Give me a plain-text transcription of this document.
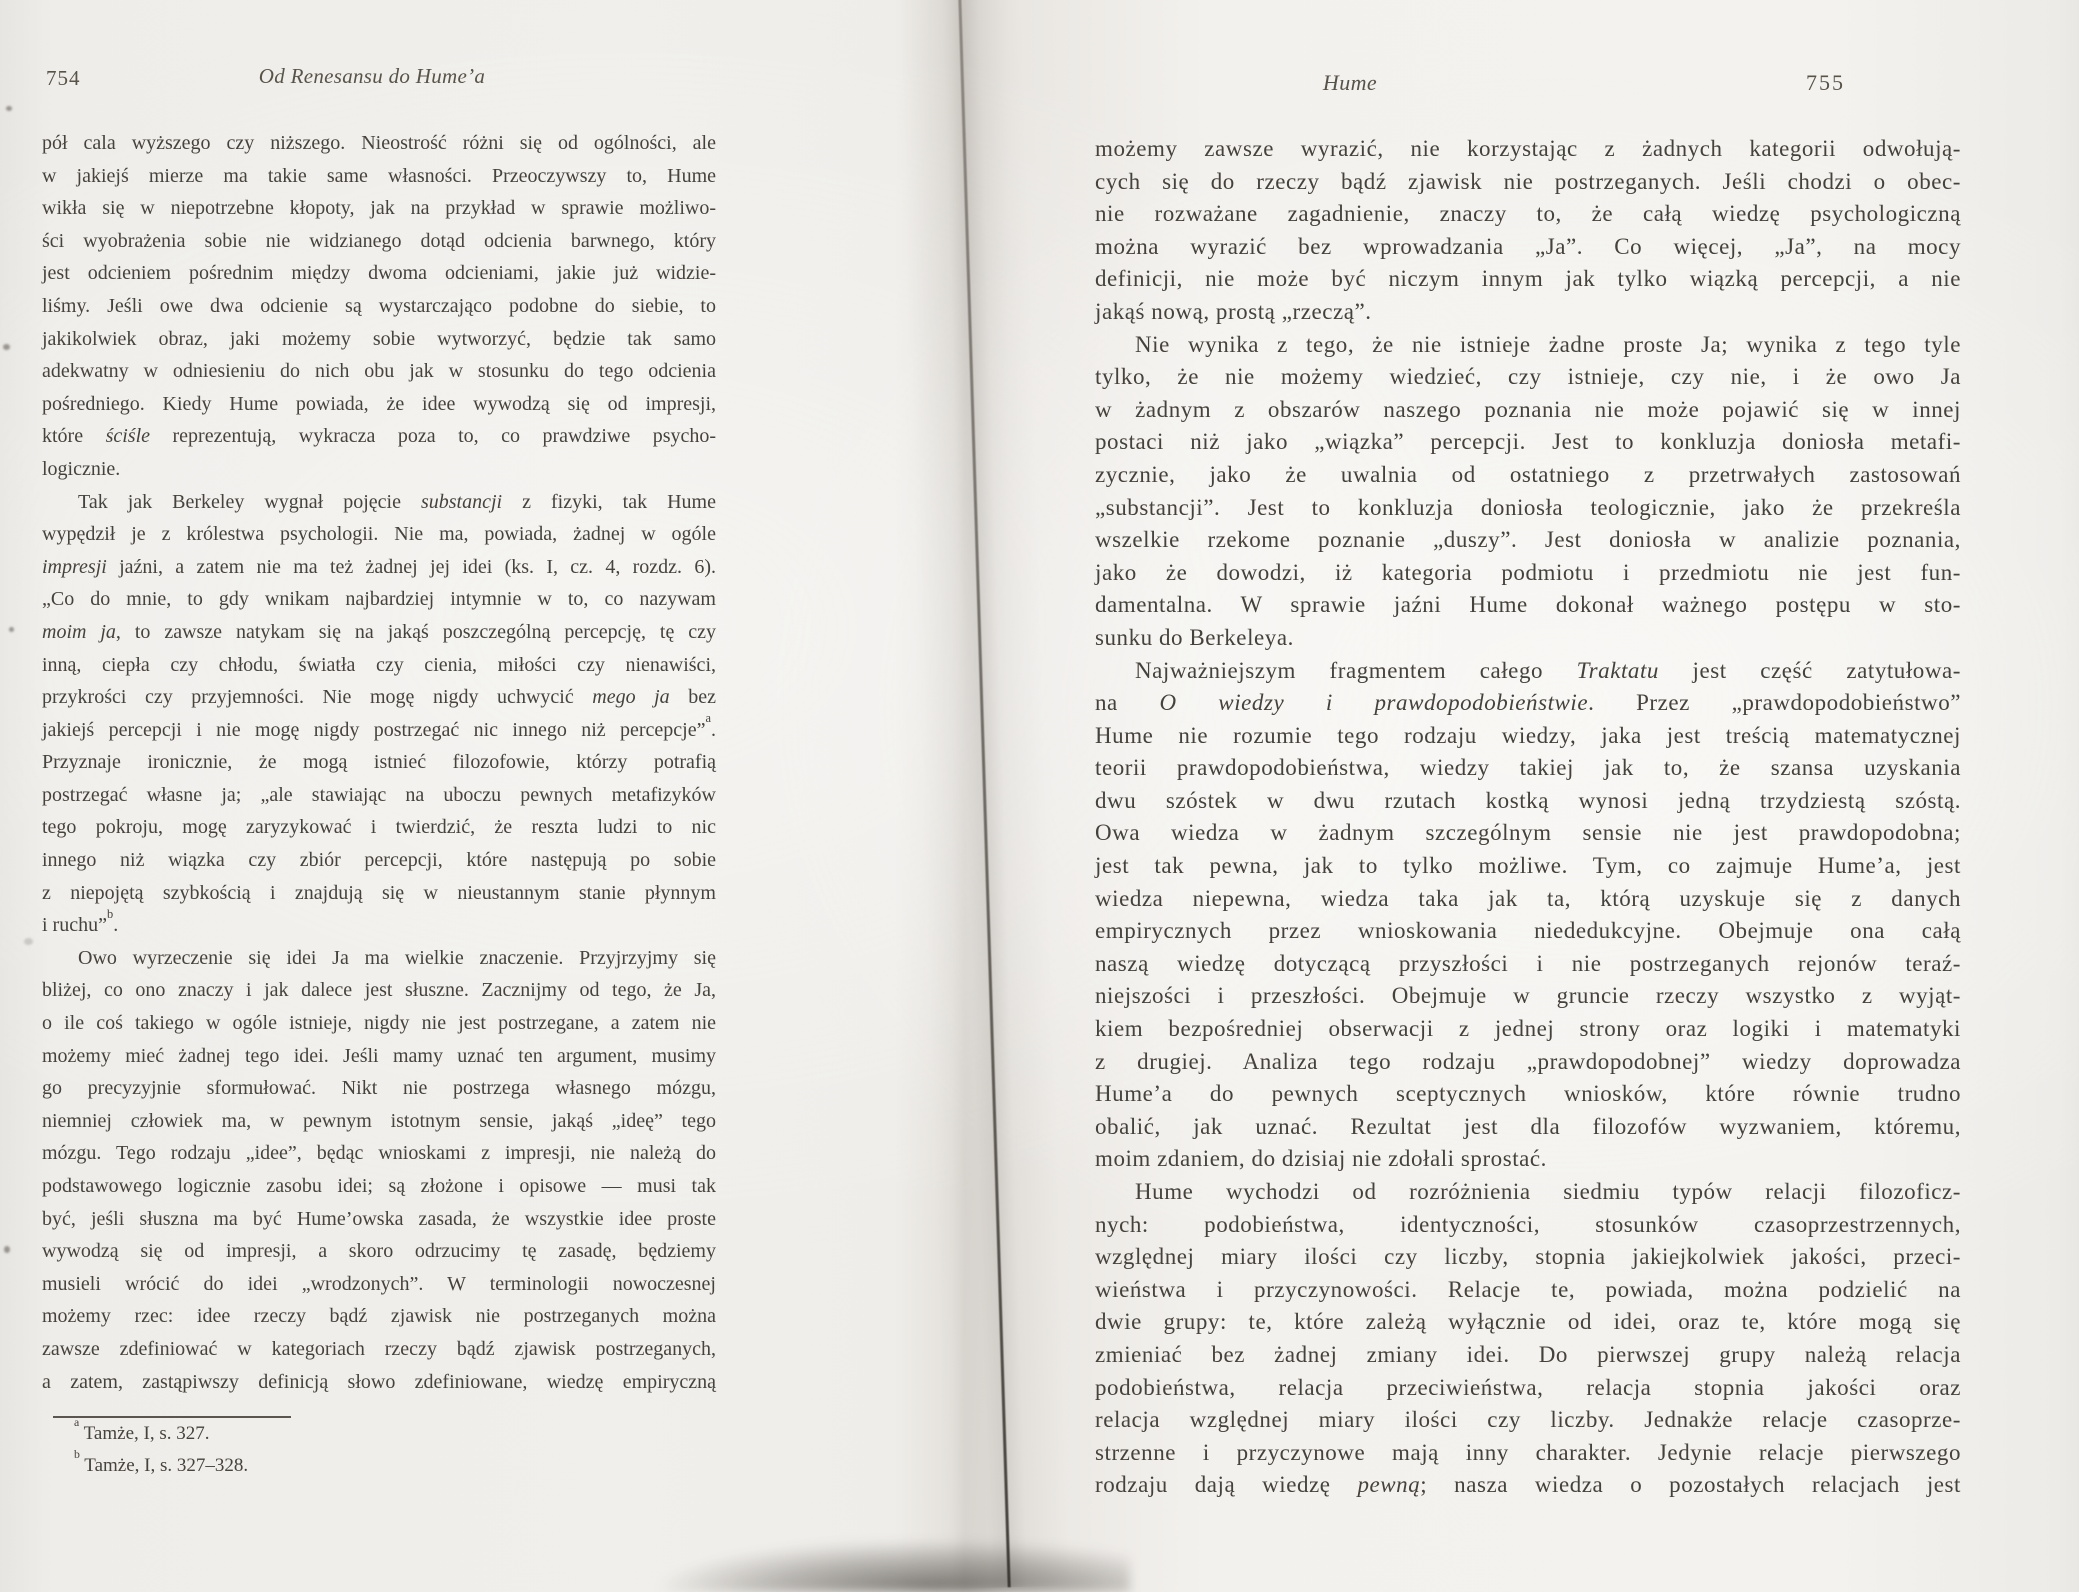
754	Od Renesansu do Hume’a
pół cala wyższego czy niższego. Nieostrość różni się od ogólności, ale
w jakiejś mierze ma takie same własności. Przeoczywszy to, Hume
wikła się w niepotrzebne kłopoty, jak na przykład w sprawie możliwo-
ści wyobrażenia sobie nie widzianego dotąd odcienia barwnego, który
jest odcieniem pośrednim między dwoma odcieniami, jakie już widzie-
liśmy. Jeśli owe dwa odcienie są wystarczająco podobne do siebie, to
jakikolwiek obraz, jaki możemy sobie wytworzyć, będzie tak samo
adekwatny w odniesieniu do nich obu jak w stosunku do tego odcienia
pośredniego. Kiedy Hume powiada, że idee wywodzą się od impresji,
które ściśle reprezentują, wykracza poza to, co prawdziwe psycho-
logicznie.
Tak jak Berkeley wygnał pojęcie substancji z fizyki, tak Hume
wypędził je z królestwa psychologii. Nie ma, powiada, żadnej w ogóle
impresji jaźni, a zatem nie ma też żadnej jej idei (ks. I, cz. 4, rozdz. 6).
„Co do mnie, to gdy wnikam najbardziej intymnie w to, co nazywam
moim ja, to zawsze natykam się na jakąś poszczególną percepcję, tę czy
inną, ciepła czy chłodu, światła czy cienia, miłości czy nienawiści,
przykrości czy przyjemności. Nie mogę nigdy uchwycić mego ja bez
jakiejś percepcji i nie mogę nigdy postrzegać nic innego niż percepcje”$^a$.
Przyznaje ironicznie, że mogą istnieć filozofowie, którzy potrafią
postrzegać własne ja; „ale stawiając na uboczu pewnych metafizyków
tego pokroju, mogę zaryzykować i twierdzić, że reszta ludzi to nic
innego niż wiązka czy zbiór percepcji, które następują po sobie
z niepojętą szybkością i znajdują się w nieustannym stanie płynnym
i ruchu”$^b$.
Owo wyrzeczenie się idei Ja ma wielkie znaczenie. Przyjrzyjmy się
bliżej, co ono znaczy i jak dalece jest słuszne. Zacznijmy od tego, że Ja,
o ile coś takiego w ogóle istnieje, nigdy nie jest postrzegane, a zatem nie
możemy mieć żadnej tego idei. Jeśli mamy uznać ten argument, musimy
go precyzyjnie sformułować. Nikt nie postrzega własnego mózgu,
niemniej człowiek ma, w pewnym istotnym sensie, jakąś „ideę” tego
mózgu. Tego rodzaju „idee”, będąc wnioskami z impresji, nie należą do
podstawowego logicznie zasobu idei; są złożone i opisowe — musi tak
być, jeśli słuszna ma być Hume’owska zasada, że wszystkie idee proste
wywodzą się od impresji, a skoro odrzucimy tę zasadę, będziemy
musieli wrócić do idei „wrodzonych”. W terminologii nowoczesnej
możemy rzec: idee rzeczy bądź zjawisk nie postrzeganych można
zawsze zdefiniować w kategoriach rzeczy bądź zjawisk postrzeganych,
a zatem, zastąpiwszy definicją słowo zdefiniowane, wiedzę empiryczną
$^a$ Tamże, I, s. 327.
$^b$ Tamże, I, s. 327–328.
Hume	755
możemy zawsze wyrazić, nie korzystając z żadnych kategorii odwołują-
cych się do rzeczy bądź zjawisk nie postrzeganych. Jeśli chodzi o obec-
nie rozważane zagadnienie, znaczy to, że całą wiedzę psychologiczną
można wyrazić bez wprowadzania „Ja”. Co więcej, „Ja”, na mocy
definicji, nie może być niczym innym jak tylko wiązką percepcji, a nie
jakąś nową, prostą „rzeczą”.
Nie wynika z tego, że nie istnieje żadne proste Ja; wynika z tego tyle
tylko, że nie możemy wiedzieć, czy istnieje, czy nie, i że owo Ja
w żadnym z obszarów naszego poznania nie może pojawić się w innej
postaci niż jako „wiązka” percepcji. Jest to konkluzja doniosła metafi-
zycznie, jako że uwalnia od ostatniego z przetrwałych zastosowań
„substancji”. Jest to konkluzja doniosła teologicznie, jako że przekreśla
wszelkie rzekome poznanie „duszy”. Jest doniosła w analizie poznania,
jako że dowodzi, iż kategoria podmiotu i przedmiotu nie jest fun-
damentalna. W sprawie jaźni Hume dokonał ważnego postępu w sto-
sunku do Berkeleya.
Najważniejszym fragmentem całego Traktatu jest część zatytułowa-
na O wiedzy i prawdopodobieństwie. Przez „prawdopodobieństwo”
Hume nie rozumie tego rodzaju wiedzy, jaka jest treścią matematycznej
teorii prawdopodobieństwa, wiedzy takiej jak to, że szansa uzyskania
dwu szóstek w dwu rzutach kostką wynosi jedną trzydziestą szóstą.
Owa wiedza w żadnym szczególnym sensie nie jest prawdopodobna;
jest tak pewna, jak to tylko możliwe. Tym, co zajmuje Hume’a, jest
wiedza niepewna, wiedza taka jak ta, którą uzyskuje się z danych
empirycznych przez wnioskowania niededukcyjne. Obejmuje ona całą
naszą wiedzę dotyczącą przyszłości i nie postrzeganych rejonów teraź-
niejszości i przeszłości. Obejmuje w gruncie rzeczy wszystko z wyjąt-
kiem bezpośredniej obserwacji z jednej strony oraz logiki i matematyki
z drugiej. Analiza tego rodzaju „prawdopodobnej” wiedzy doprowadza
Hume’a do pewnych sceptycznych wniosków, które równie trudno
obalić, jak uznać. Rezultat jest dla filozofów wyzwaniem, któremu,
moim zdaniem, do dzisiaj nie zdołali sprostać.
Hume wychodzi od rozróżnienia siedmiu typów relacji filozoficz-
nych: podobieństwa, identyczności, stosunków czasoprzestrzennych,
względnej miary ilości czy liczby, stopnia jakiejkolwiek jakości, przeci-
wieństwa i przyczynowości. Relacje te, powiada, można podzielić na
dwie grupy: te, które zależą wyłącznie od idei, oraz te, które mogą się
zmieniać bez żadnej zmiany idei. Do pierwszej grupy należą relacja
podobieństwa, relacja przeciwieństwa, relacja stopnia jakości oraz
relacja względnej miary ilości czy liczby. Jednakże relacje czasoprze-
strzenne i przyczynowe mają inny charakter. Jedynie relacje pierwszego
rodzaju dają wiedzę pewną; nasza wiedza o pozostałych relacjach jest
